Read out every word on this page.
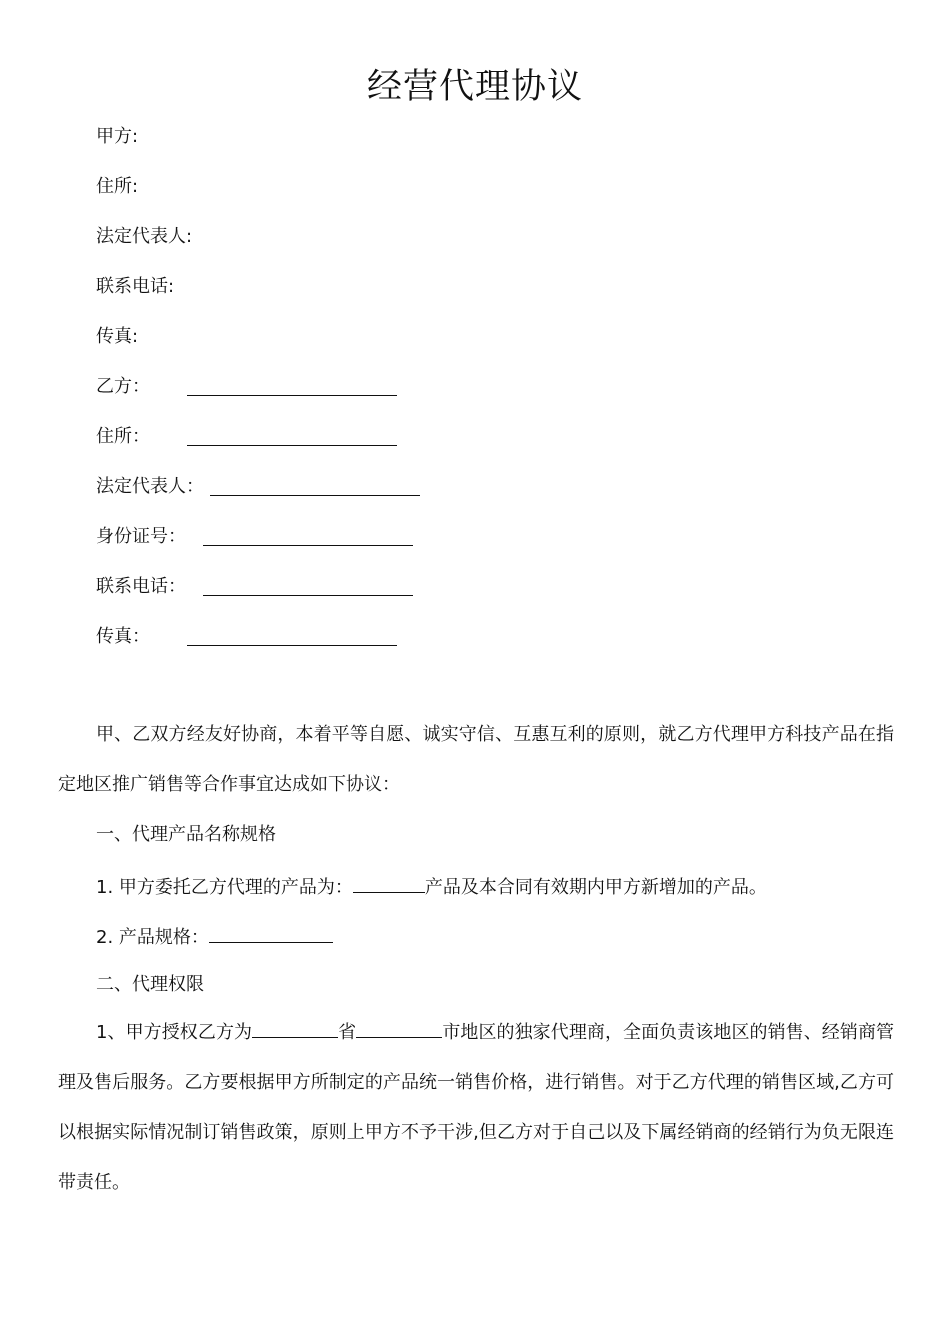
经营代理协议
甲方:
住所:
法定代表人:
联系电话:
传真:
乙方：
住所：
法定代表人：
身份证号：
联系电话：
传真：
甲、乙双方经友好协商，本着平等自愿、诚实守信、互惠互利的原则，就乙方代理甲方科技产品在指定地区推广销售等合作事宜达成如下协议：
一、代理产品名称规格
1. 甲方委托乙方代理的产品为：	产品及本合同有效期内甲方新增加的产品。
2. 产品规格：
二、代理权限
1、甲方授权乙方为	省	市地区的独家代理商，全面负责该地区的销售、经销商管理及售后服务。乙方要根据甲方所制定的产品统一销售价格，进行销售。对于乙方代理的销售区域,乙方可以根据实际情况制订销售政策，原则上甲方不予干涉,但乙方对于自己以及下属经销商的经销行为负无限连带责任。
